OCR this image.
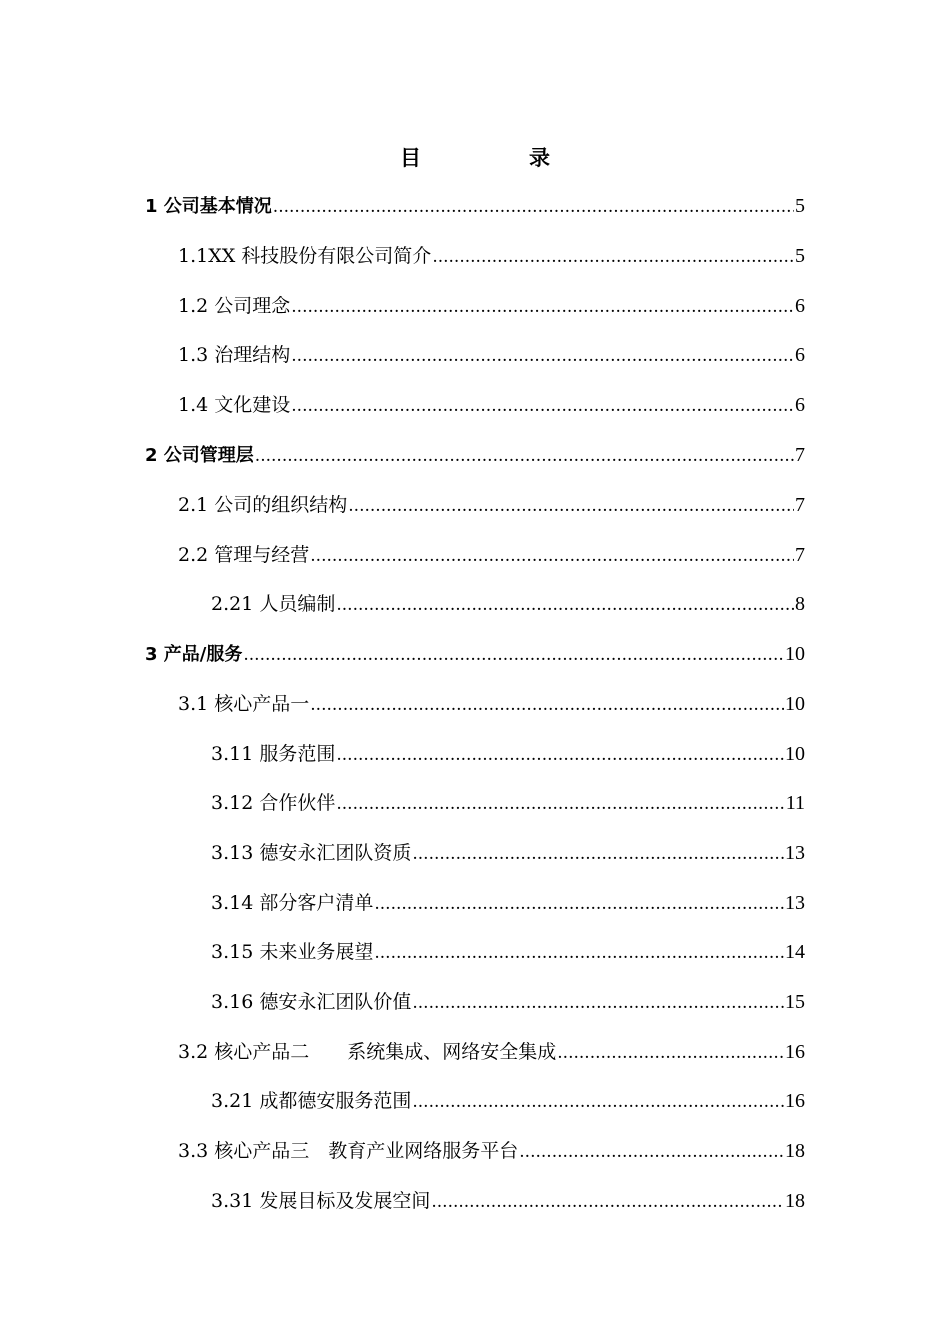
目	录
1 公司基本情况 .....	5
1.1XX 科技股份有限公司简介 .....	5
1.2 公司理念 .....	6
1.3 治理结构 .....	6
1.4 文化建设 .....	6
2 公司管理层 .....	7
2.1 公司的组织结构 .....	7
2.2 管理与经营 .....	7
2.21 人员编制 .....	8
3 产品/服务 .....	10
3.1 核心产品一 .....	10
3.11 服务范围 .....	10
3.12 合作伙伴 .....	11
3.13 德安永汇团队资质 .....	13
3.14 部分客户清单 .....	13
3.15 未来业务展望 .....	14
3.16 德安永汇团队价值 .....	15
3.2 核心产品二　　系统集成、网络安全集成 .....	16
3.21 成都德安服务范围 .....	16
3.3 核心产品三　教育产业网络服务平台 .....	18
3.31 发展目标及发展空间 .....	18
